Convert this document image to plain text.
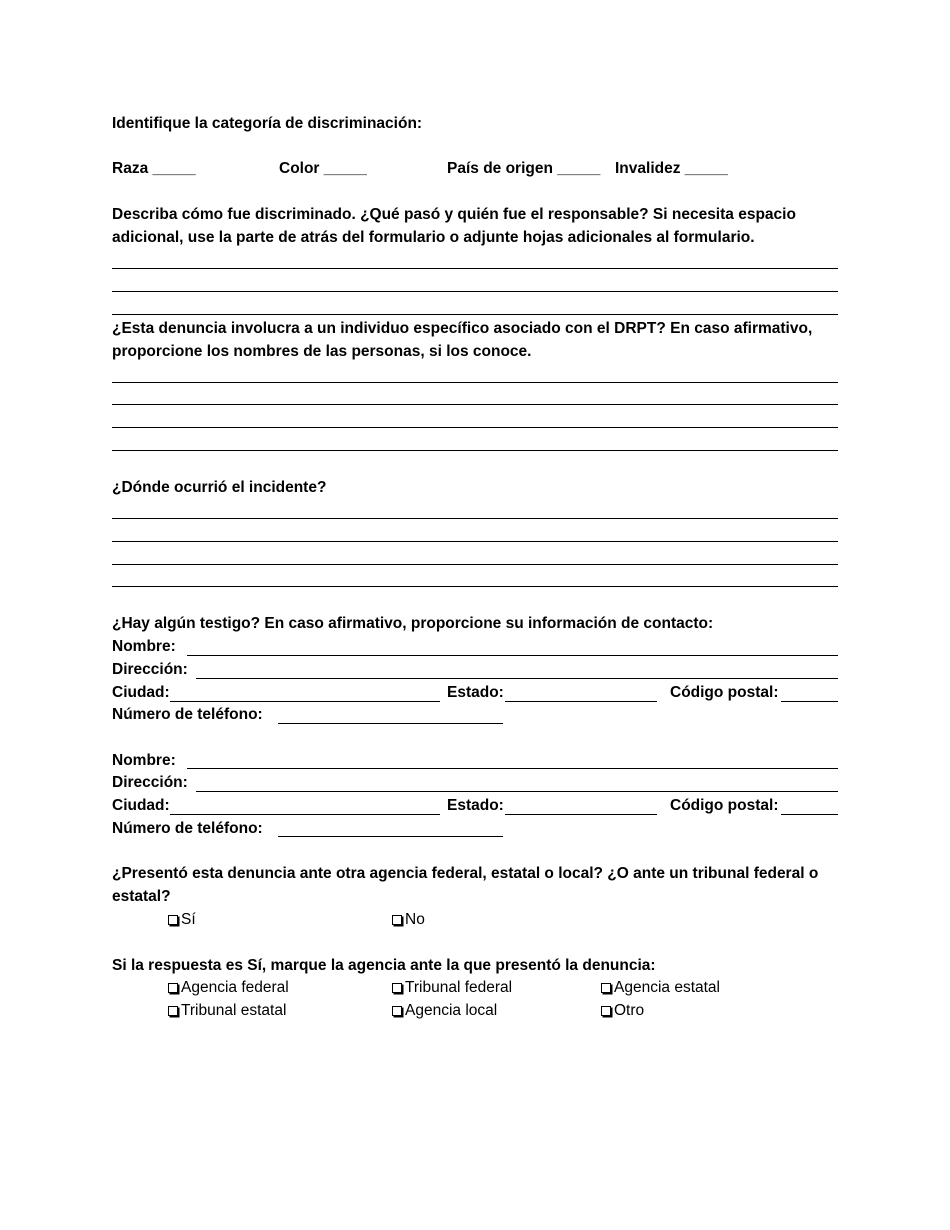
Identifique la categoría de discriminación:
Raza _____	Color _____	País de origen _____ Invalidez _____
Describa cómo fue discriminado. ¿Qué pasó y quién fue el responsable? Si necesita espacio adicional, use la parte de atrás del formulario o adjunte hojas adicionales al formulario.
¿Esta denuncia involucra a un individuo específico asociado con el DRPT? En caso afirmativo, proporcione los nombres de las personas, si los conoce.
¿Dónde ocurrió el incidente?
¿Hay algún testigo? En caso afirmativo, proporcione su información de contacto:
Nombre:
Dirección:
Ciudad:	Estado:	Código postal:
Número de teléfono:
Nombre:
Dirección:
Ciudad:	Estado:	Código postal:
Número de teléfono:
¿Presentó esta denuncia ante otra agencia federal, estatal o local? ¿O ante un tribunal federal o estatal?
Sí	No
Si la respuesta es Sí, marque la agencia ante la que presentó la denuncia:
Agencia federal	Tribunal federal	Agencia estatal
Tribunal estatal	Agencia local	Otro
